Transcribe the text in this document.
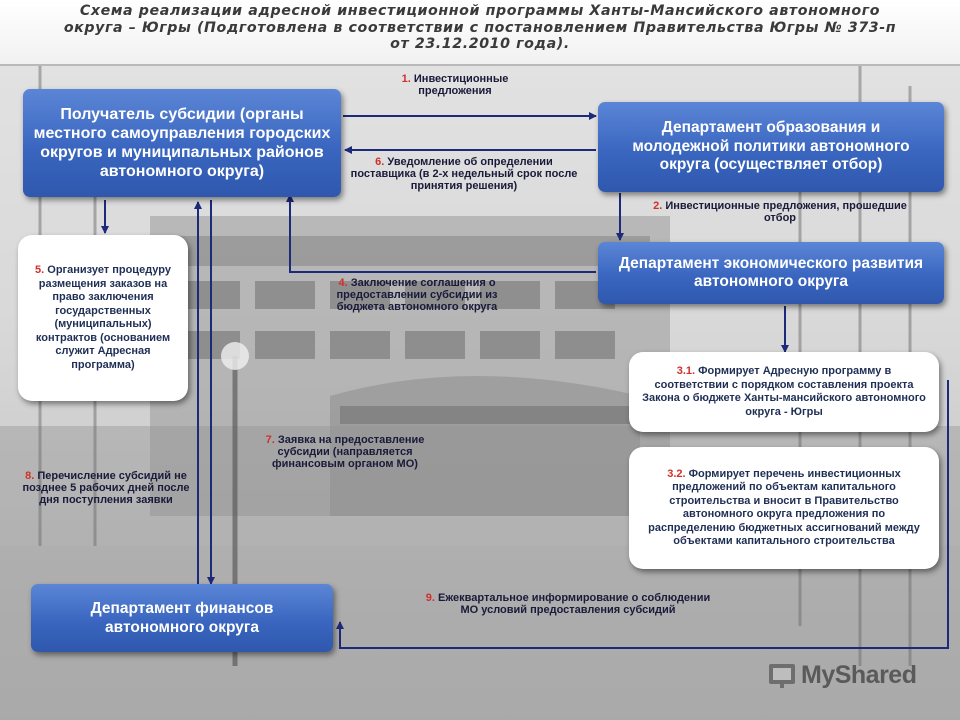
Схема реализации адресной инвестиционной программы Ханты-Мансийского автономного округа – Югры (Подготовлена в соответствии с постановлением Правительства Югры № 373-п от 23.12.2010 года).
Получатель субсидии (органы местного самоуправления городских округов и муниципальных районов автономного округа)
Департамент образования и молодежной политики автономного округа (осуществляет отбор)
Департамент экономического развития автономного округа
Департамент финансов автономного округа
5. Организует процедуру размещения заказов на право заключения государственных (муниципальных) контрактов (основанием служит Адресная программа)
3.1. Формирует Адресную программу в соответствии с порядком составления проекта Закона о бюджете Ханты-мансийского автономного округа - Югры
3.2. Формирует перечень инвестиционных предложений по объектам капитального строительства и вносит в Правительство автономного округа предложения по распределению бюджетных ассигнований между объектами капитального строительства
1. Инвестиционные предложения
6. Уведомление об определении поставщика (в 2-х недельный срок после принятия решения)
2. Инвестиционные предложения, прошедшие отбор
4. Заключение соглашения о предоставлении субсидии из бюджета автономного округа
7. Заявка на предоставление субсидии (направляется финансовым органом МО)
8. Перечисление субсидий не позднее 5 рабочих дней после дня поступления заявки
9. Ежеквартальное информирование о соблюдении МО условий предоставления субсидий
MyShared
